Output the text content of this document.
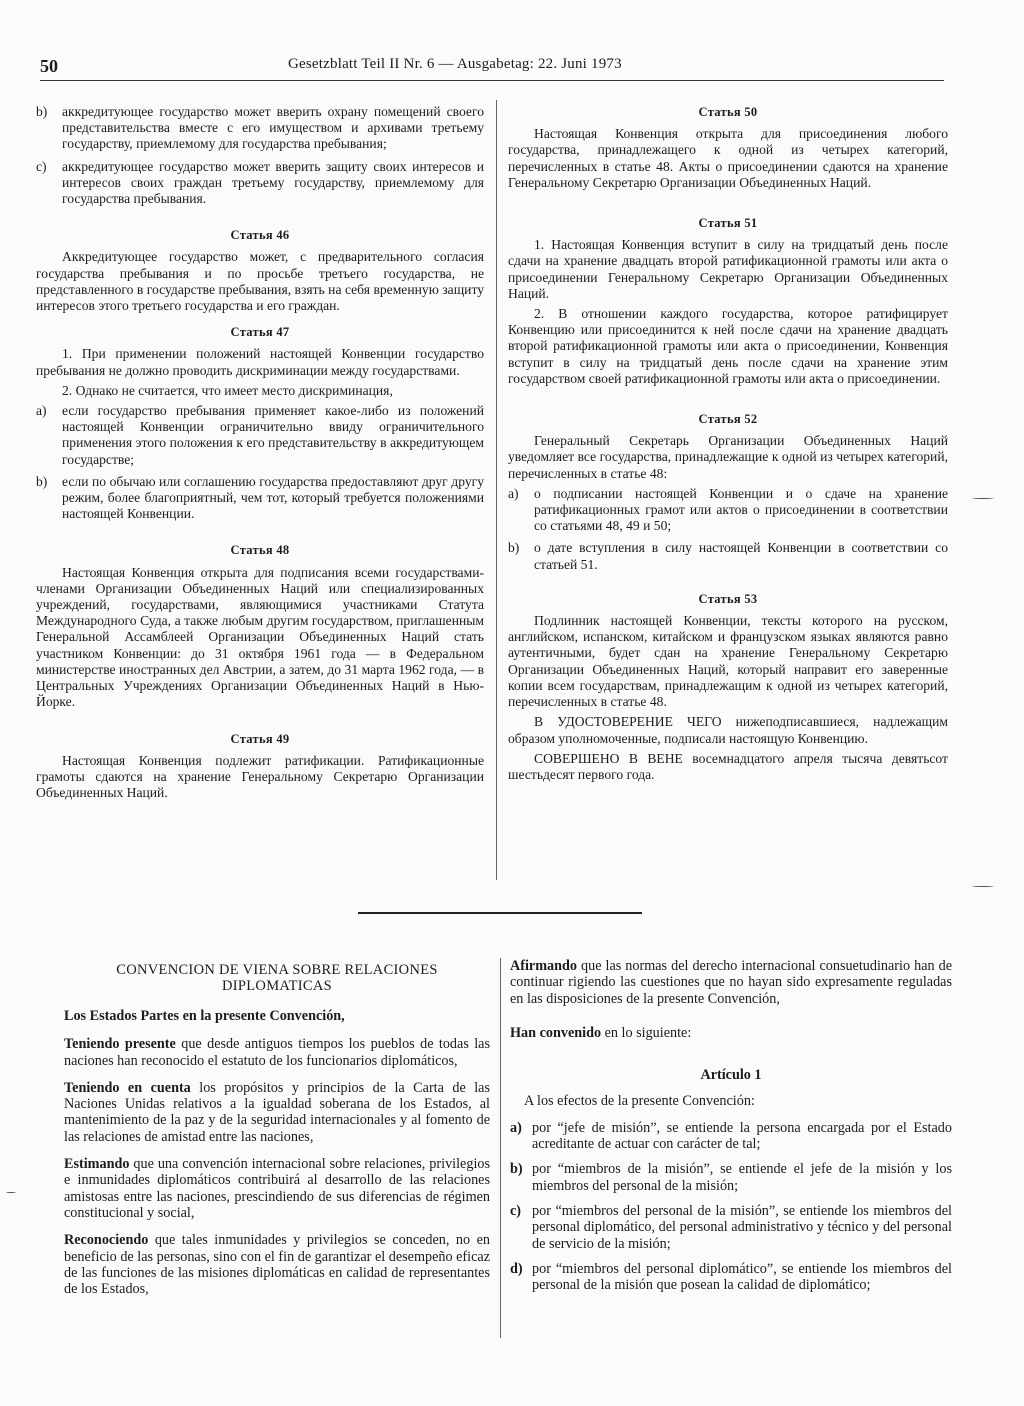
50	Gesetzblatt Teil II Nr. 6 — Ausgabetag: 22. Juni 1973
b)	аккредитующее государство может вверить охрану помещений своего представительства вместе с его имуществом и архивами третьему государству, приемлемому для государства пребывания;
c)	аккредитующее государство может вверить защиту своих интересов и интересов своих граждан третьему государству, приемлемому для государства пребывания.
Статья 46

Аккредитующее государство может, с предварительного согласия государства пребывания и по просьбе третьего государства, не представленного в государстве пребывания, взять на себя временную защиту интересов этого третьего государства и его граждан.

Статья 47

1. При применении положений настоящей Конвенции государство пребывания не должно проводить дискриминации между государствами.

2. Однако не считается, что имеет место дискриминация,

a)	если государство пребывания применяет какое-либо из положений настоящей Конвенции ограничительно ввиду ограничительного применения этого положения к его представительству в аккредитующем государстве;
b)	если по обычаю или соглашению государства предоставляют друг другу режим, более благоприятный, чем тот, который требуется положениями настоящей Конвенции.
Статья 48

Настоящая Конвенция открыта для подписания всеми государствами-членами Организации Объединенных Наций или специализированных учреждений, государствами, являющимися участниками Статута Международного Суда, а также любым другим государством, приглашенным Генеральной Ассамблеей Организации Объединенных Наций стать участником Конвенции: до 31 октября 1961 года — в Федеральном министерстве иностранных дел Австрии, а затем, до 31 марта 1962 года, — в Центральных Учреждениях Организации Объединенных Наций в Нью-Йорке.

Статья 49

Настоящая Конвенция подлежит ратификации. Ратификационные грамоты сдаются на хранение Генеральному Секретарю Организации Объединенных Наций.

Статья 50

Настоящая Конвенция открыта для присоединения любого государства, принадлежащего к одной из четырех категорий, перечисленных в статье 48. Акты о присоединении сдаются на хранение Генеральному Секретарю Организации Объединенных Наций.

Статья 51

1. Настоящая Конвенция вступит в силу на тридцатый день после сдачи на хранение двадцать второй ратификационной грамоты или акта о присоединении Генеральному Секретарю Организации Объединенных Наций.

2. В отношении каждого государства, которое ратифицирует Конвенцию или присоединится к ней после сдачи на хранение двадцать второй ратификационной грамоты или акта о присоединении, Конвенция вступит в силу на тридцатый день после сдачи на хранение этим государством своей ратификационной грамоты или акта о присоединении.

Статья 52

Генеральный Секретарь Организации Объединенных Наций уведомляет все государства, принадлежащие к одной из четырех категорий, перечисленных в статье 48:

a)	о подписании настоящей Конвенции и о сдаче на хранение ратификационных грамот или актов о присоединении в соответствии со статьями 48, 49 и 50;
b)	о дате вступления в силу настоящей Конвенции в соответствии со статьей 51.
Статья 53

Подлинник настоящей Конвенции, тексты которого на русском, английском, испанском, китайском и французском языках являются равно аутентичными, будет сдан на хранение Генеральному Секретарю Организации Объединенных Наций, который направит его заверенные копии всем государствам, принадлежащим к одной из четырех категорий, перечисленных в статье 48.

В УДОСТОВЕРЕНИЕ ЧЕГО нижеподписавшиеся, надлежащим образом уполномоченные, подписали настоящую Конвенцию.

СОВЕРШЕНО В ВЕНЕ восемнадцатого апреля тысяча девятьсот шестьдесят первого года.

CONVENCION DE VIENA SOBRE RELACIONES
DIPLOMATICAS

Los Estados Partes en la presente Convención,

Teniendo presente que desde antiguos tiempos los pueblos de todas las naciones han reconocido el estatuto de los funcionarios diplomáticos,

Teniendo en cuenta los propósitos y principios de la Carta de las Naciones Unidas relativos a la igualdad soberana de los Estados, al mantenimiento de la paz y de la seguridad internacionales y al fomento de las relaciones de amistad entre las naciones,

Estimando que una convención internacional sobre relaciones, privilegios e inmunidades diplomáticos contribuirá al desarrollo de las relaciones amistosas entre las naciones, prescindiendo de sus diferencias de régimen constitucional y social,

Reconociendo que tales inmunidades y privilegios se conceden, no en beneficio de las personas, sino con el fin de garantizar el desempeño eficaz de las funciones de las misiones diplomáticas en calidad de representantes de los Estados,

Afirmando que las normas del derecho internacional consuetudinario han de continuar rigiendo las cuestiones que no hayan sido expresamente reguladas en las disposiciones de la presente Convención,

Han convenido en lo siguiente:

Artículo 1

A los efectos de la presente Convención:

a) por “jefe de misión”, se entiende la persona encargada por el Estado acreditante de actuar con carácter de tal;
b) por “miembros de la misión”, se entiende el jefe de la misión y los miembros del personal de la misión;
c) por “miembros del personal de la misión”, se entiende los miembros del personal diplomático, del personal administrativo y técnico y del personal de servicio de la misión;
d) por “miembros del personal diplomático”, se entiende los miembros del personal de la misión que posean la calidad de diplomático;
